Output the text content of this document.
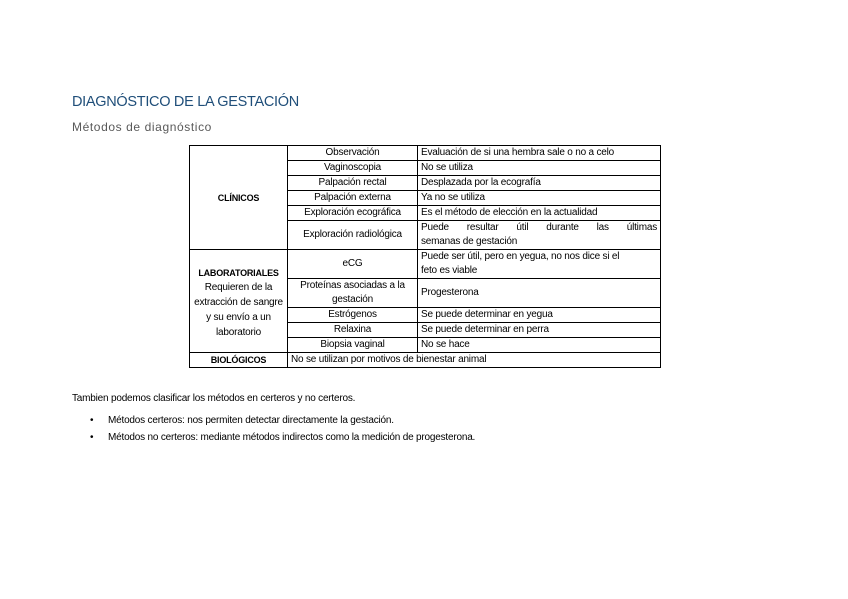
DIAGNÓSTICO DE LA GESTACIÓN
Métodos de diagnóstico
CLÍNICOS	Observación	Evaluación de si una hembra sale o no a celo
	Vaginoscopia	No se utiliza
	Palpación rectal	Desplazada por la ecografía
	Palpación externa	Ya no se utiliza
	Exploración ecográfica	Es el método de elección en la actualidad
	Exploración radiológica	Puede resultar útil durante las últimas
semanas de gestación

LABORATORIALES
Requieren de la extracción de sangre y su envío a un laboratorio	eCG	Puede ser útil, pero en yegua, no nos dice si el
feto es viable

	Proteínas asociadas a la gestación	Progesterona
	Estrógenos	Se puede determinar en yegua
	Relaxina	Se puede determinar en perra
	Biopsia vaginal	No se hace
BIOLÓGICOS	No se utilizan por motivos de bienestar animal	
Tambien podemos clasificar los métodos en certeros y no certeros.
• Métodos certeros: nos permiten detectar directamente la gestación.
• Métodos no certeros: mediante métodos indirectos como la medición de progesterona.
